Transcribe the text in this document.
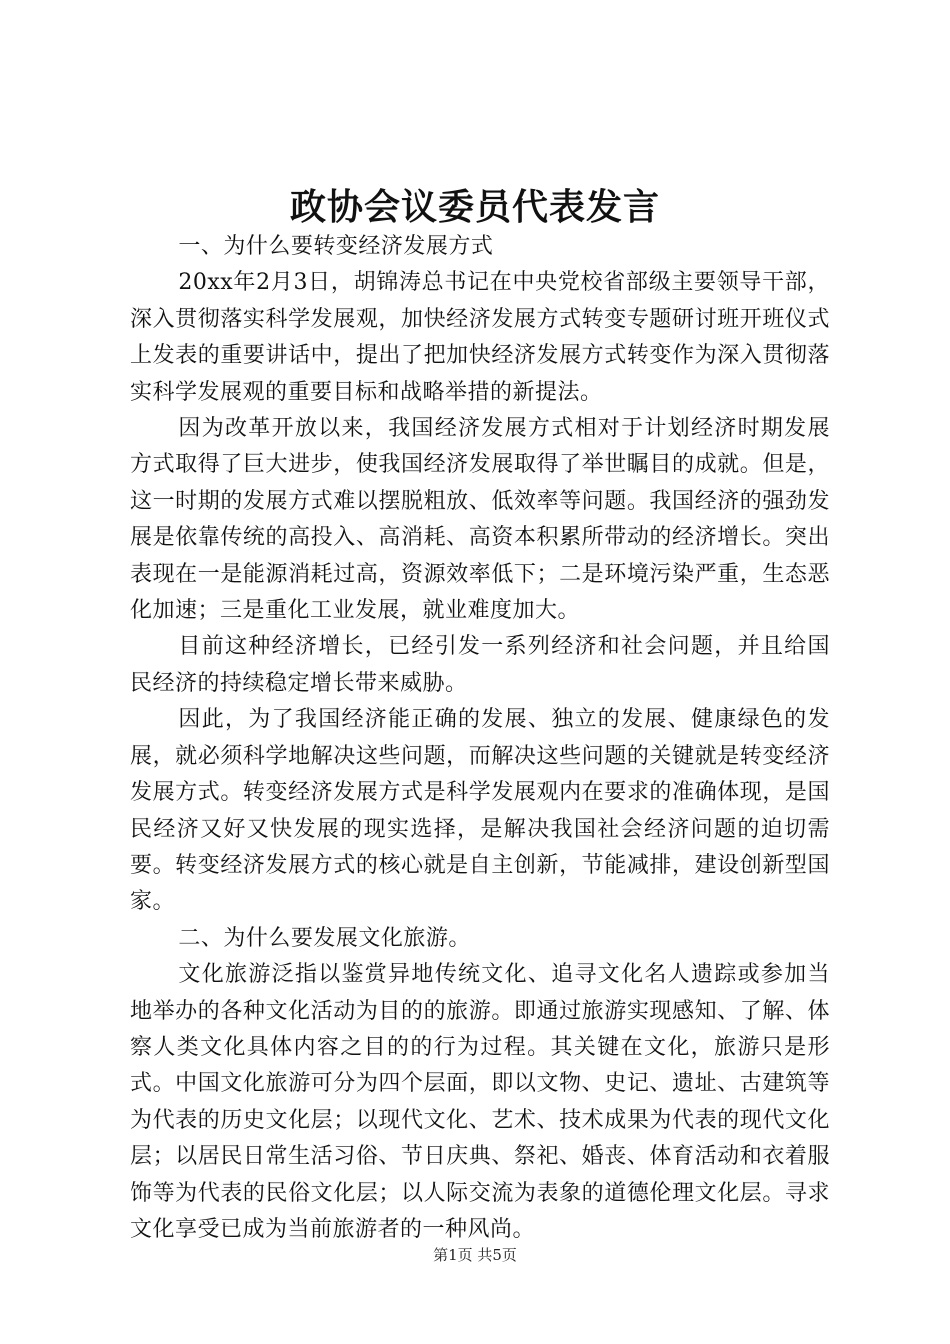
政协会议委员代表发言

一、为什么要转变经济发展方式

20xx年2月3日，胡锦涛总书记在中央党校省部级主要领导干部，深入贯彻落实科学发展观，加快经济发展方式转变专题研讨班开班仪式上发表的重要讲话中，提出了把加快经济发展方式转变作为深入贯彻落实科学发展观的重要目标和战略举措的新提法。

因为改革开放以来，我国经济发展方式相对于计划经济时期发展方式取得了巨大进步，使我国经济发展取得了举世瞩目的成就。但是，这一时期的发展方式难以摆脱粗放、低效率等问题。我国经济的强劲发展是依靠传统的高投入、高消耗、高资本积累所带动的经济增长。突出表现在一是能源消耗过高，资源效率低下；二是环境污染严重，生态恶化加速；三是重化工业发展，就业难度加大。

目前这种经济增长，已经引发一系列经济和社会问题，并且给国民经济的持续稳定增长带来威胁。

因此，为了我国经济能正确的发展、独立的发展、健康绿色的发展，就必须科学地解决这些问题，而解决这些问题的关键就是转变经济发展方式。转变经济发展方式是科学发展观内在要求的准确体现，是国民经济又好又快发展的现实选择，是解决我国社会经济问题的迫切需要。转变经济发展方式的核心就是自主创新，节能减排，建设创新型国家。

二、为什么要发展文化旅游。

文化旅游泛指以鉴赏异地传统文化、追寻文化名人遗踪或参加当地举办的各种文化活动为目的的旅游。即通过旅游实现感知、了解、体察人类文化具体内容之目的的行为过程。其关键在文化，旅游只是形式。中国文化旅游可分为四个层面，即以文物、史记、遗址、古建筑等为代表的历史文化层；以现代文化、艺术、技术成果为代表的现代文化层；以居民日常生活习俗、节日庆典、祭祀、婚丧、体育活动和衣着服饰等为代表的民俗文化层；以人际交流为表象的道德伦理文化层。寻求文化享受已成为当前旅游者的一种风尚。

第1页 共5页
